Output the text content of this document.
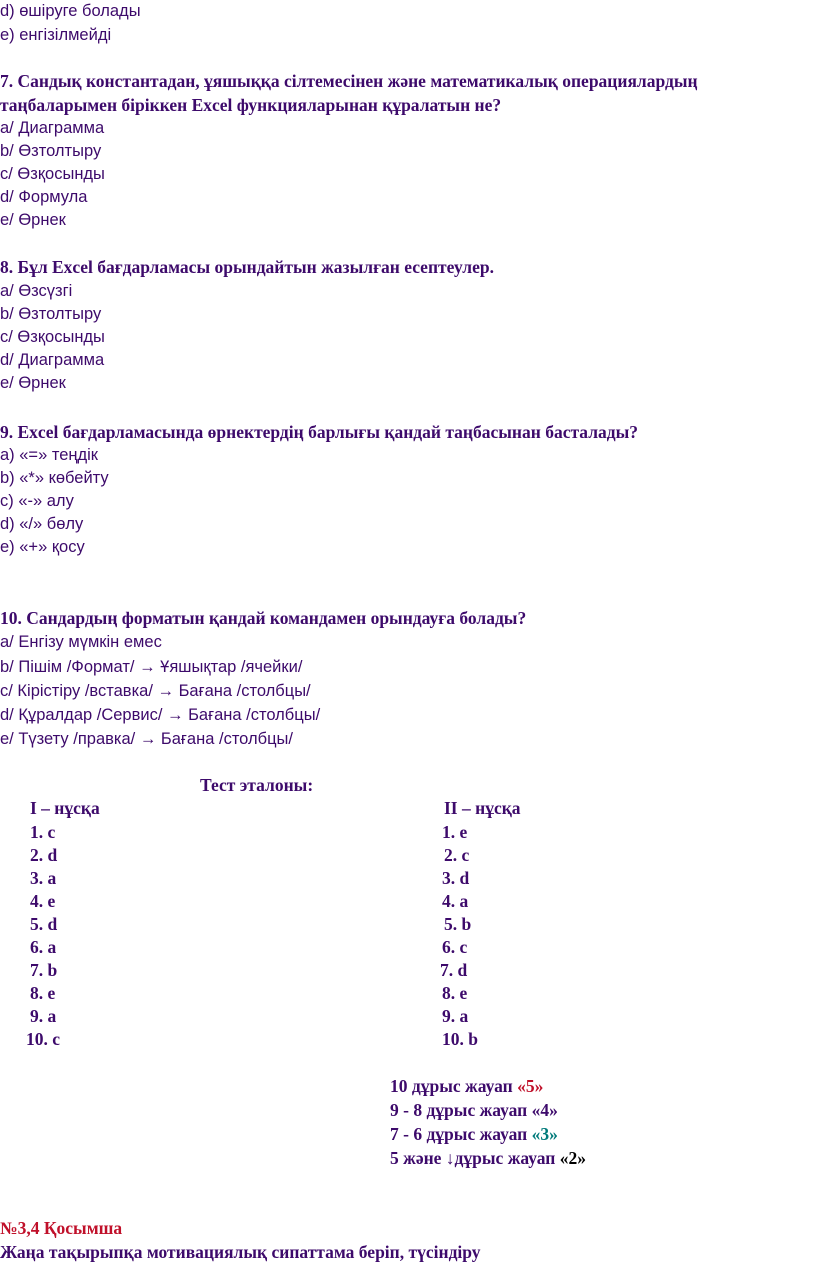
d) өшіруге болады
e) енгізілмейді
7. Сандық константадан, ұяшыққа сілтемесінен және математикалық операциялардың
таңбаларымен біріккен Excel функцияларынан құралатын не?
a/ Диаграмма
b/ Өзтолтыру
c/ Өзқосынды
d/ Формула
e/ Өрнек
8. Бұл Excel бағдарламасы орындайтын жазылған есептеулер.
a/ Өзсүзгі
b/ Өзтолтыру
c/ Өзқосынды
d/ Диаграмма
e/ Өрнек
9. Excel бағдарламасында өрнектердің барлығы қандай таңбасынан басталады?
a) «=» теңдік
b) «*» көбейту
c) «-» алу
d) «/» бөлу
e) «+» қосу
10. Сандардың форматын қандай командамен орындауға болады?
a/ Енгізу мүмкін емес
b/ Пішім /Формат/ → Ұяшықтар /ячейки/
c/ Кірістіру /вставка/ → Бағана /столбцы/
d/ Құралдар /Сервис/ → Бағана /столбцы/
e/ Түзету /правка/ → Бағана /столбцы/
Тест эталоны:
I – нұсқа	II – нұсқа
1. c
2. d
3. a
4. e
5. d
6. a
7. b
8. e
9. a
10. c
1. e
2. c
3. d
4. a
5. b
6. c
7. d
8. e
9. a
10. b
10 дұрыс жауап «5»
9 - 8 дұрыс жауап «4»
7 - 6 дұрыс жауап «3»
5 және ↓дұрыс жауап «2»
№3,4 Қосымша
Жаңа тақырыпқа мотивациялық сипаттама беріп, түсіндіру
